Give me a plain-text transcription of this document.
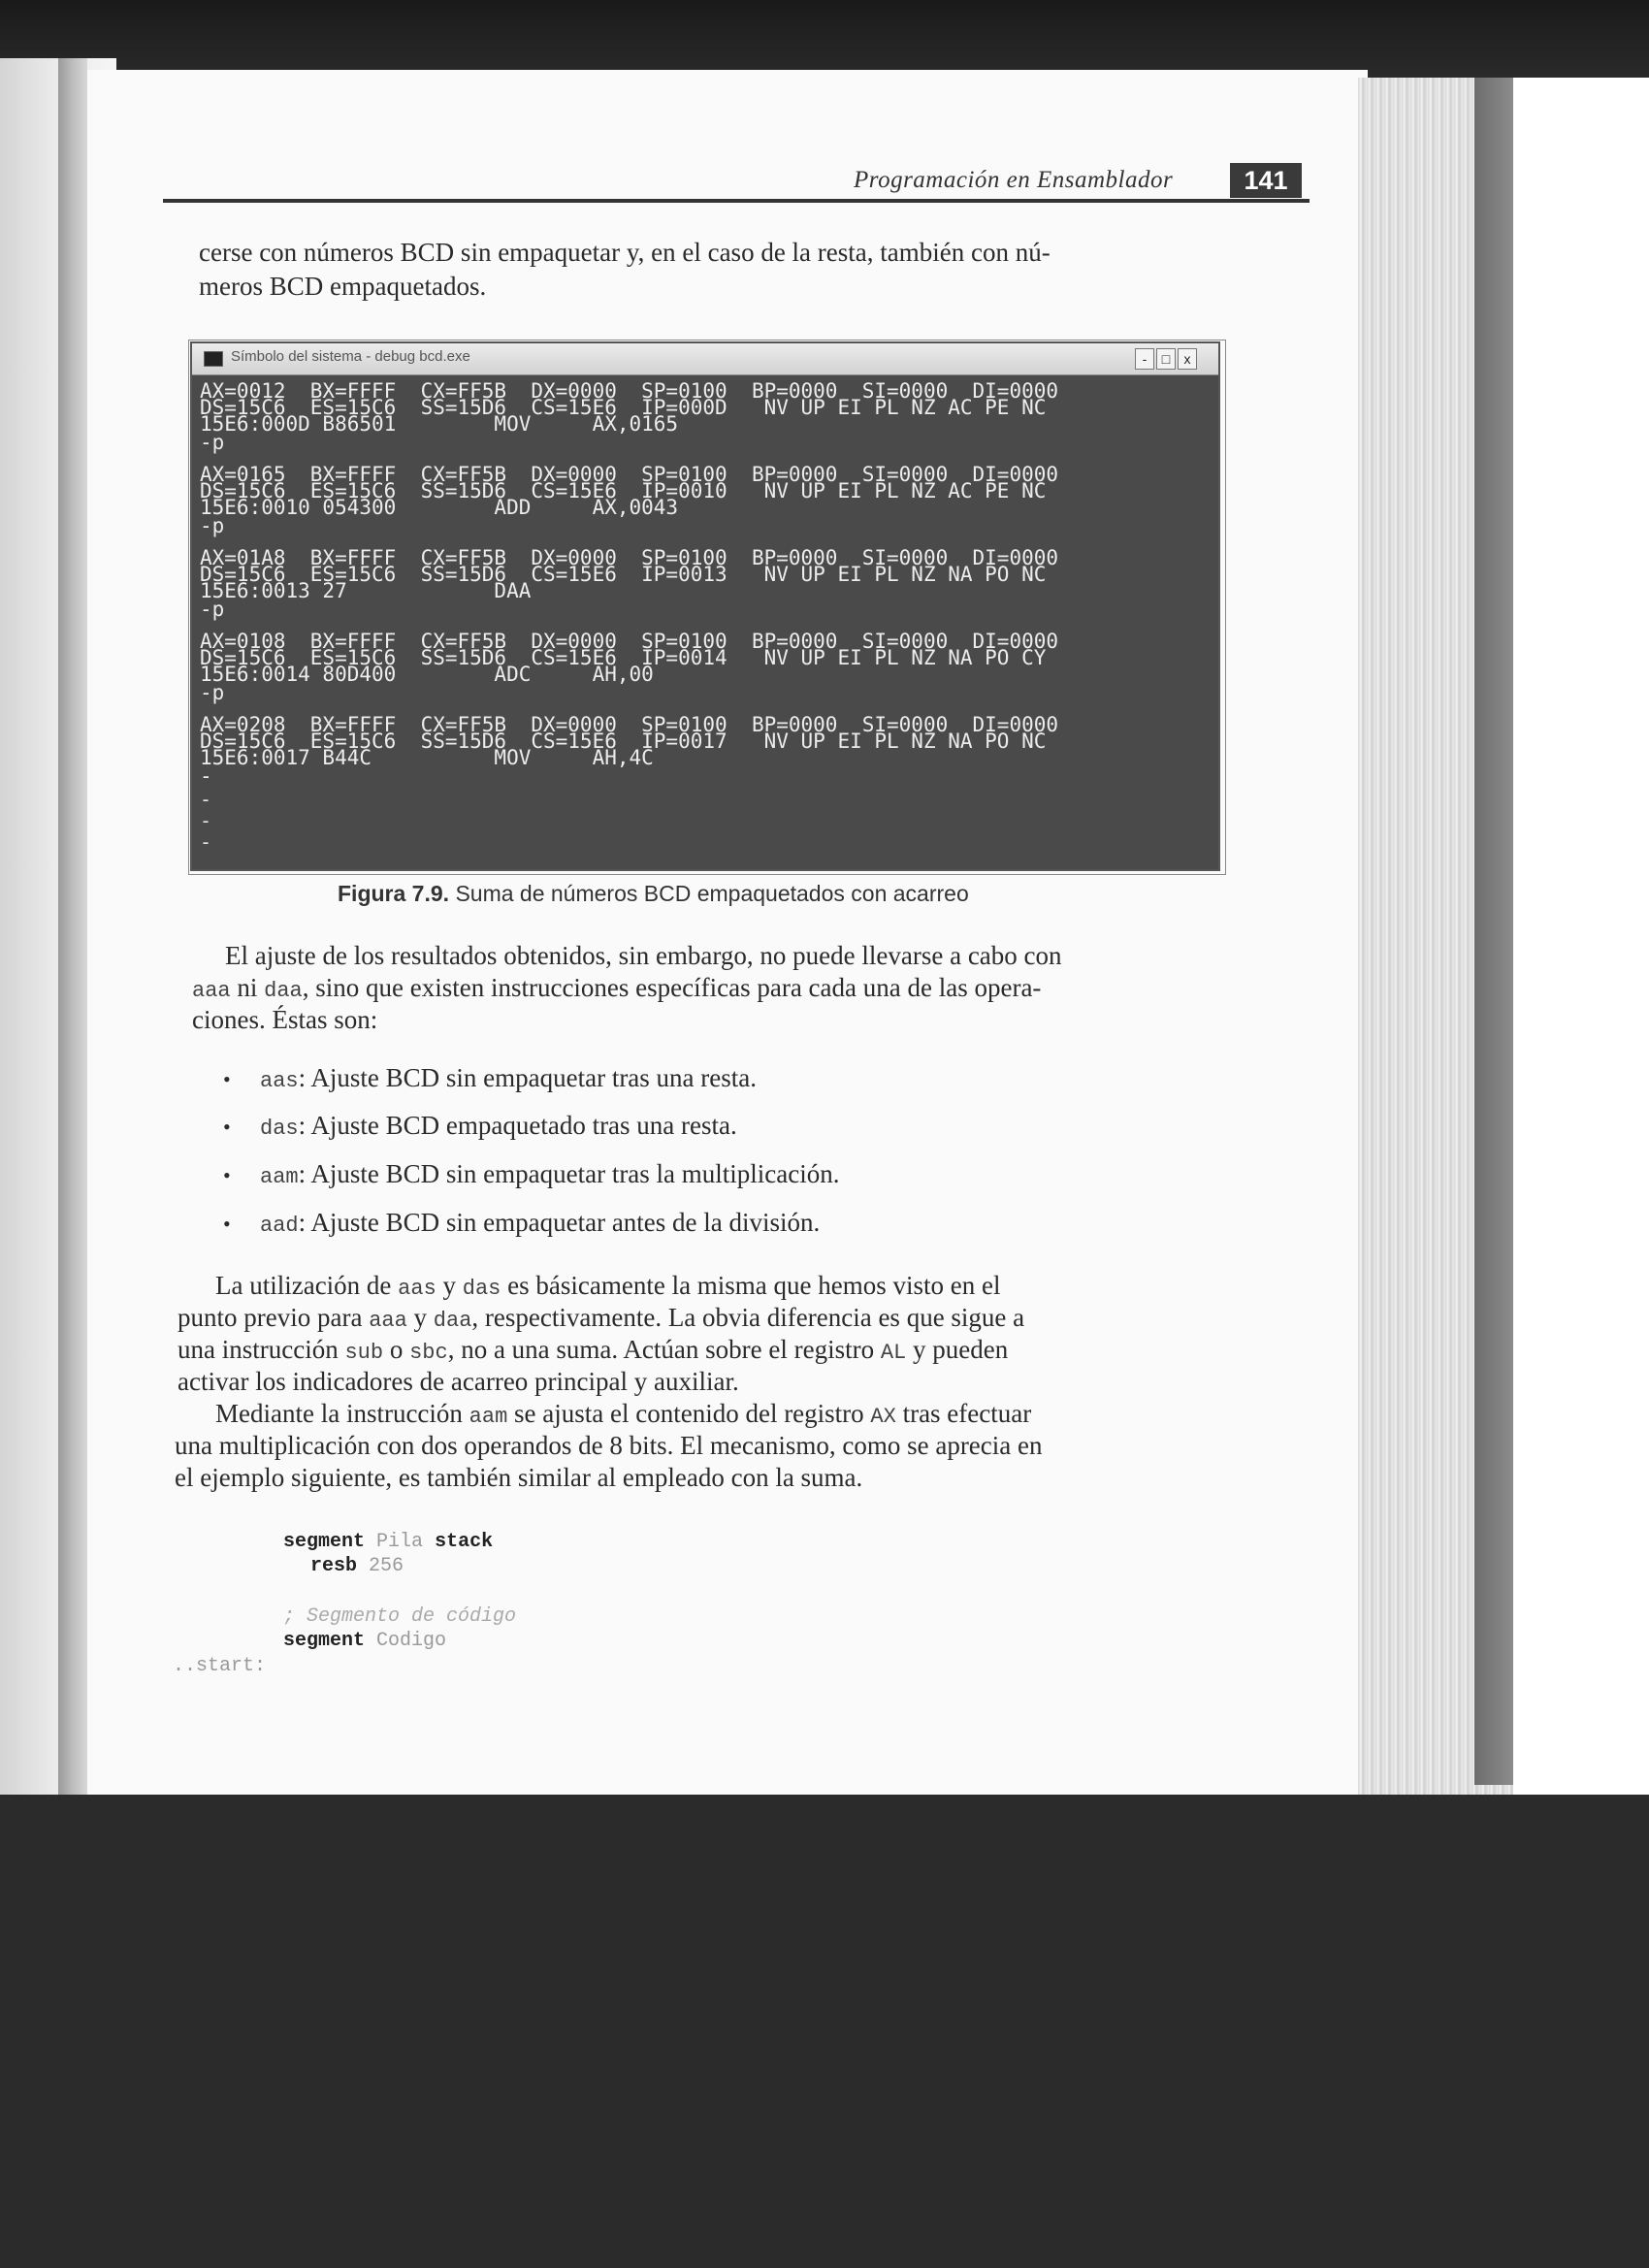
Programación en Ensamblador	141

cerse con números BCD sin empaquetar y, en el caso de la resta, también con nú-

meros BCD empaquetados.

Símbolo del sistema - debug bcd.exe	-	□	x
AX=0012  BX=FFFF  CX=FF5B  DX=0000  SP=0100  BP=0000  SI=0000  DI=0000
DS=15C6  ES=15C6  SS=15D6  CS=15E6  IP=000D   NV UP EI PL NZ AC PE NC
15E6:000D B86501        MOV     AX,0165
-p
AX=0165  BX=FFFF  CX=FF5B  DX=0000  SP=0100  BP=0000  SI=0000  DI=0000
DS=15C6  ES=15C6  SS=15D6  CS=15E6  IP=0010   NV UP EI PL NZ AC PE NC
15E6:0010 054300        ADD     AX,0043
-p
AX=01A8  BX=FFFF  CX=FF5B  DX=0000  SP=0100  BP=0000  SI=0000  DI=0000
DS=15C6  ES=15C6  SS=15D6  CS=15E6  IP=0013   NV UP EI PL NZ NA PO NC
15E6:0013 27            DAA
-p
AX=0108  BX=FFFF  CX=FF5B  DX=0000  SP=0100  BP=0000  SI=0000  DI=0000
DS=15C6  ES=15C6  SS=15D6  CS=15E6  IP=0014   NV UP EI PL NZ NA PO CY
15E6:0014 80D400        ADC     AH,00
-p
AX=0208  BX=FFFF  CX=FF5B  DX=0000  SP=0100  BP=0000  SI=0000  DI=0000
DS=15C6  ES=15C6  SS=15D6  CS=15E6  IP=0017   NV UP EI PL NZ NA PO NC
15E6:0017 B44C          MOV     AH,4C
-
-
-
-
Figura 7.9. Suma de números BCD empaquetados con acarreo

El ajuste de los resultados obtenidos, sin embargo, no puede llevarse a cabo con

aaa ni daa, sino que existen instrucciones específicas para cada una de las opera-

ciones. Éstas son:

• aas: Ajuste BCD sin empaquetar tras una resta.
• das: Ajuste BCD empaquetado tras una resta.
• aam: Ajuste BCD sin empaquetar tras la multiplicación.
• aad: Ajuste BCD sin empaquetar antes de la división.

La utilización de aas y das es básicamente la misma que hemos visto en el

punto previo para aaa y daa, respectivamente. La obvia diferencia es que sigue a

una instrucción sub o sbc, no a una suma. Actúan sobre el registro AL y pueden

activar los indicadores de acarreo principal y auxiliar.

Mediante la instrucción aam se ajusta el contenido del registro AX tras efectuar

una multiplicación con dos operandos de 8 bits. El mecanismo, como se aprecia en

el ejemplo siguiente, es también similar al empleado con la suma.

segment Pila stack
resb 256
; Segmento de código
segment Codigo
..start:
